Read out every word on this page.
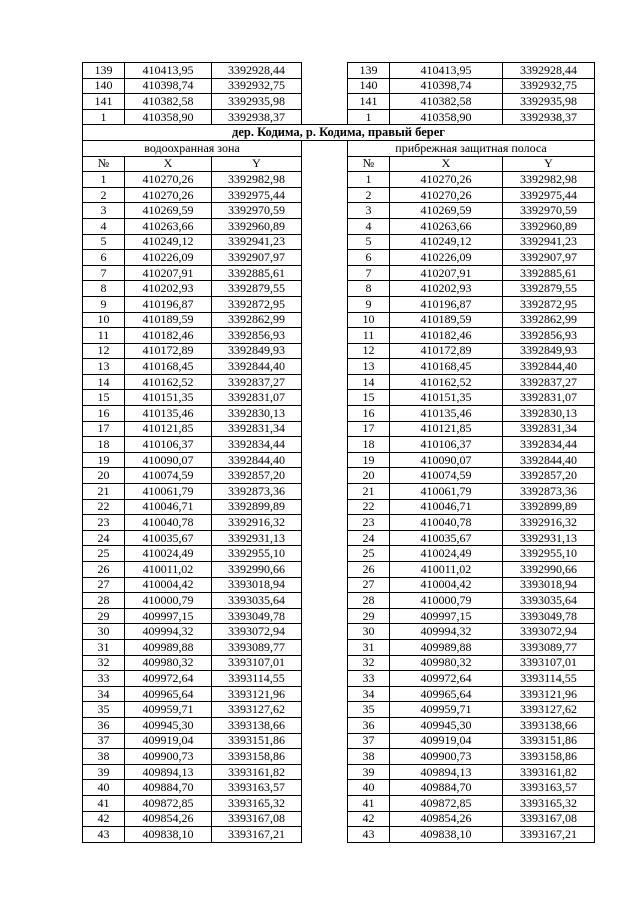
139	410413,95	3392928,44		139	410413,95	3392928,44
140	410398,74	3392932,75		140	410398,74	3392932,75
141	410382,58	3392935,98		141	410382,58	3392935,98
1	410358,90	3392938,37		1	410358,90	3392938,37
дер. Кодима, р. Кодима, правый берег						
водоохранная зона				прибрежная защитная полоса		
№	X	Y		№	X	Y
1	410270,26	3392982,98		1	410270,26	3392982,98
2	410270,26	3392975,44		2	410270,26	3392975,44
3	410269,59	3392970,59		3	410269,59	3392970,59
4	410263,66	3392960,89		4	410263,66	3392960,89
5	410249,12	3392941,23		5	410249,12	3392941,23
6	410226,09	3392907,97		6	410226,09	3392907,97
7	410207,91	3392885,61		7	410207,91	3392885,61
8	410202,93	3392879,55		8	410202,93	3392879,55
9	410196,87	3392872,95		9	410196,87	3392872,95
10	410189,59	3392862,99		10	410189,59	3392862,99
11	410182,46	3392856,93		11	410182,46	3392856,93
12	410172,89	3392849,93		12	410172,89	3392849,93
13	410168,45	3392844,40		13	410168,45	3392844,40
14	410162,52	3392837,27		14	410162,52	3392837,27
15	410151,35	3392831,07		15	410151,35	3392831,07
16	410135,46	3392830,13		16	410135,46	3392830,13
17	410121,85	3392831,34		17	410121,85	3392831,34
18	410106,37	3392834,44		18	410106,37	3392834,44
19	410090,07	3392844,40		19	410090,07	3392844,40
20	410074,59	3392857,20		20	410074,59	3392857,20
21	410061,79	3392873,36		21	410061,79	3392873,36
22	410046,71	3392899,89		22	410046,71	3392899,89
23	410040,78	3392916,32		23	410040,78	3392916,32
24	410035,67	3392931,13		24	410035,67	3392931,13
25	410024,49	3392955,10		25	410024,49	3392955,10
26	410011,02	3392990,66		26	410011,02	3392990,66
27	410004,42	3393018,94		27	410004,42	3393018,94
28	410000,79	3393035,64		28	410000,79	3393035,64
29	409997,15	3393049,78		29	409997,15	3393049,78
30	409994,32	3393072,94		30	409994,32	3393072,94
31	409989,88	3393089,77		31	409989,88	3393089,77
32	409980,32	3393107,01		32	409980,32	3393107,01
33	409972,64	3393114,55		33	409972,64	3393114,55
34	409965,64	3393121,96		34	409965,64	3393121,96
35	409959,71	3393127,62		35	409959,71	3393127,62
36	409945,30	3393138,66		36	409945,30	3393138,66
37	409919,04	3393151,86		37	409919,04	3393151,86
38	409900,73	3393158,86		38	409900,73	3393158,86
39	409894,13	3393161,82		39	409894,13	3393161,82
40	409884,70	3393163,57		40	409884,70	3393163,57
41	409872,85	3393165,32		41	409872,85	3393165,32
42	409854,26	3393167,08		42	409854,26	3393167,08
43	409838,10	3393167,21		43	409838,10	3393167,21
